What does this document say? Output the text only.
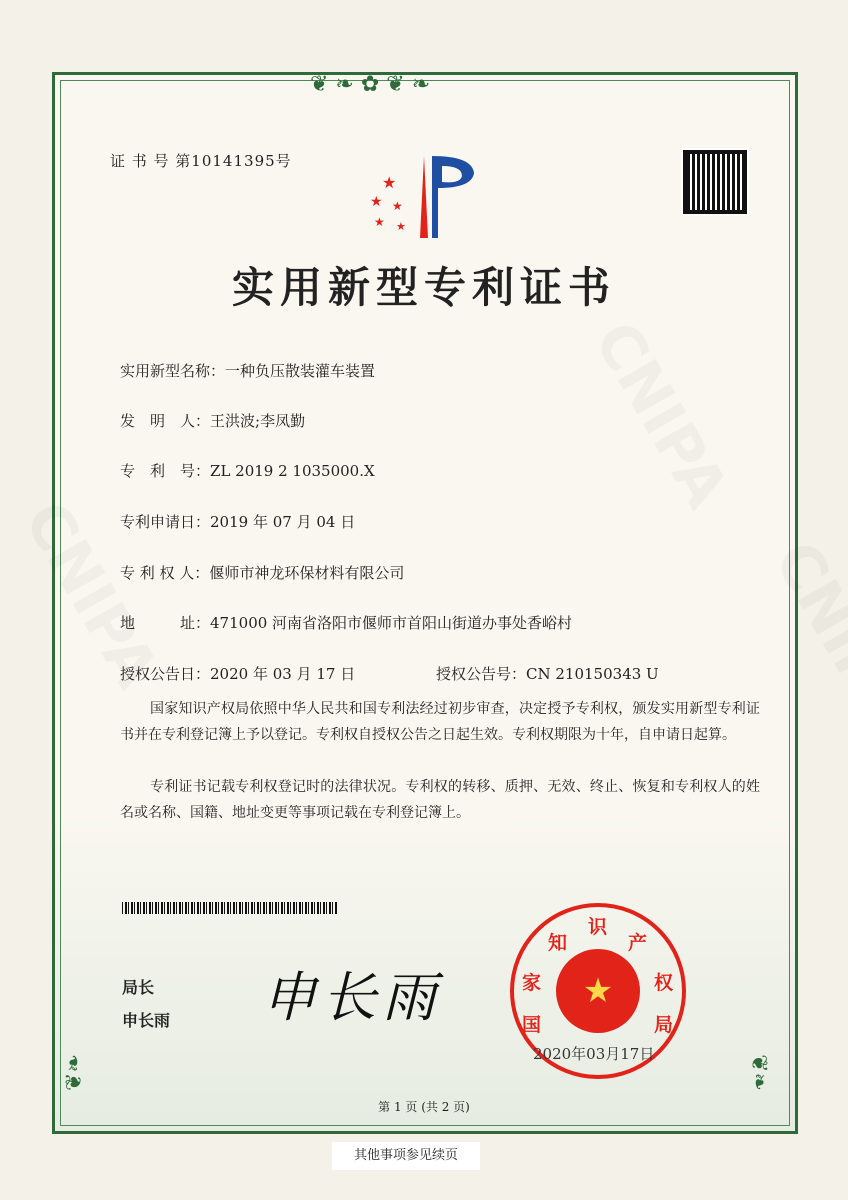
❦ ❧ ✿ ❦ ❧
❦❧	❦❧
证 书 号 第10141395号
★
★ ★
★ ★
实用新型专利证书
实用新型名称：一种负压散装灌车装置
发　明　人：王洪波;李凤勤
专　利　号：ZL 2019 2 1035000.X
专利申请日：2019 年 07 月 04 日
专 利 权 人：偃师市神龙环保材料有限公司
地　　　址：471000 河南省洛阳市偃师市首阳山街道办事处香峪村
授权公告日：2020 年 03 月 17 日	授权公告号：CN 210150343 U
国家知识产权局依照中华人民共和国专利法经过初步审查，决定授予专利权，颁发实用新型专利证书并在专利登记簿上予以登记。专利权自授权公告之日起生效。专利权期限为十年，自申请日起算。
专利证书记载专利权登记时的法律状况。专利权的转移、质押、无效、终止、恢复和专利权人的姓名或名称、国籍、地址变更等事项记载在专利登记簿上。
局长
申长雨 申长雨	★
国
家
知
识
产
权
局
2020年03月17日
第 1 页 (共 2 页)
其他事项参见续页
